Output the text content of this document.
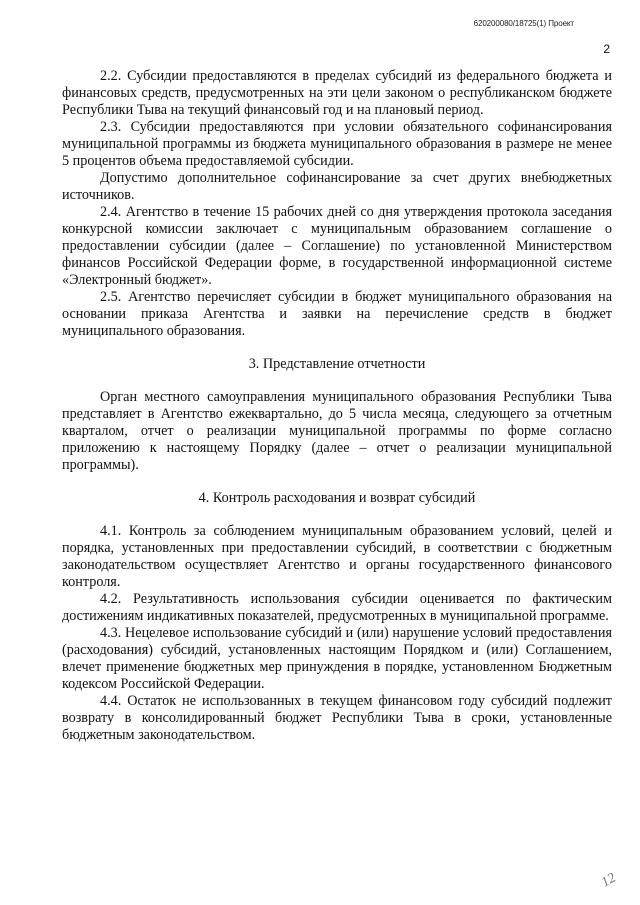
620200080/18725(1) Проект
2

2.2. Субсидии предоставляются в пределах субсидий из федерального бюджета и финансовых средств, предусмотренных на эти цели законом о республиканском бюджете Республики Тыва на текущий финансовый год и на плановый период.

2.3. Субсидии предоставляются при условии обязательного софинансирования муниципальной программы из бюджета муниципального образования в размере не менее 5 процентов объема предоставляемой субсидии.

Допустимо дополнительное софинансирование за счет других внебюджетных источников.

2.4. Агентство в течение 15 рабочих дней со дня утверждения протокола заседания конкурсной комиссии заключает с муниципальным образованием соглашение о предоставлении субсидии (далее – Соглашение) по установленной Министерством финансов Российской Федерации форме, в государственной информационной системе «Электронный бюджет».

2.5. Агентство перечисляет субсидии в бюджет муниципального образования на основании приказа Агентства и заявки на перечисление средств в бюджет муниципального образования.

3. Представление отчетности

Орган местного самоуправления муниципального образования Республики Тыва представляет в Агентство ежеквартально, до 5 числа месяца, следующего за отчетным кварталом, отчет о реализации муниципальной программы по форме согласно приложению к настоящему Порядку (далее – отчет о реализации муниципальной программы).

4. Контроль расходования и возврат субсидий

4.1. Контроль за соблюдением муниципальным образованием условий, целей и порядка, установленных при предоставлении субсидий, в соответствии с бюджетным законодательством осуществляет Агентство и органы государственного финансового контроля.

4.2. Результативность использования субсидии оценивается по фактическим достижениям индикативных показателей, предусмотренных в муниципальной программе.

4.3. Нецелевое использование субсидий и (или) нарушение условий предоставления (расходования) субсидий, установленных настоящим Порядком и (или) Соглашением, влечет применение бюджетных мер принуждения в порядке, установленном Бюджетным кодексом Российской Федерации.

4.4. Остаток не использованных в текущем финансовом году субсидий подлежит возврату в консолидированный бюджет Республики Тыва в сроки, установленные бюджетным законодательством.

12
